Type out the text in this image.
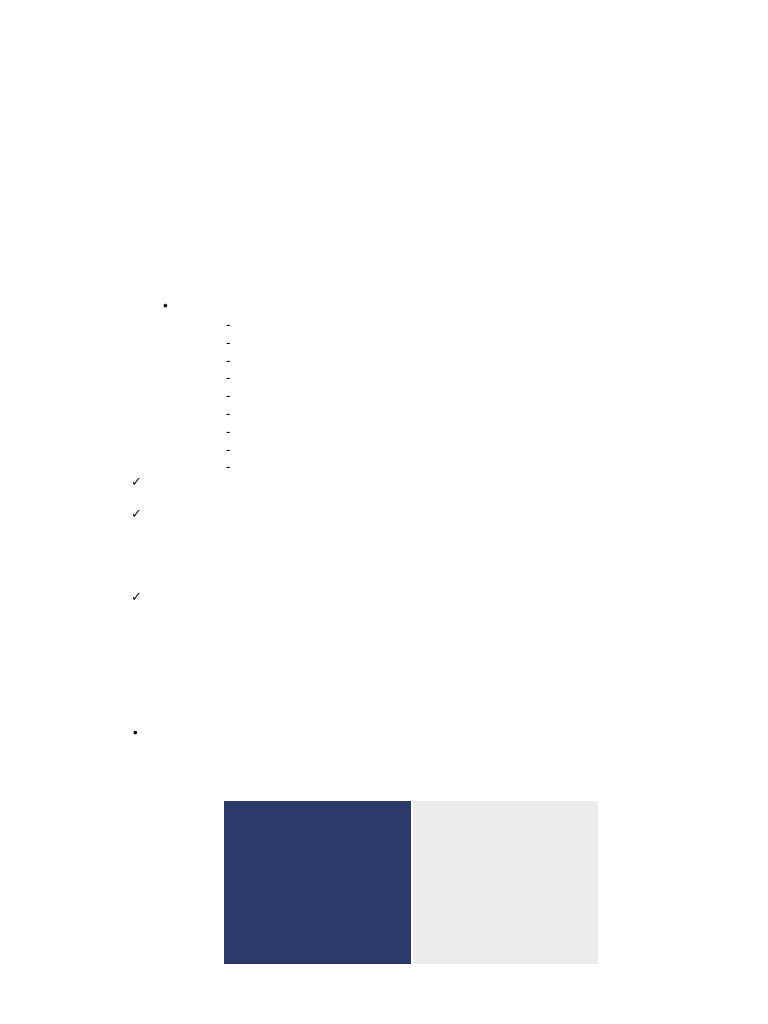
•
-
-
-
-
-
-
-
-
-
✓
✓
✓
•
